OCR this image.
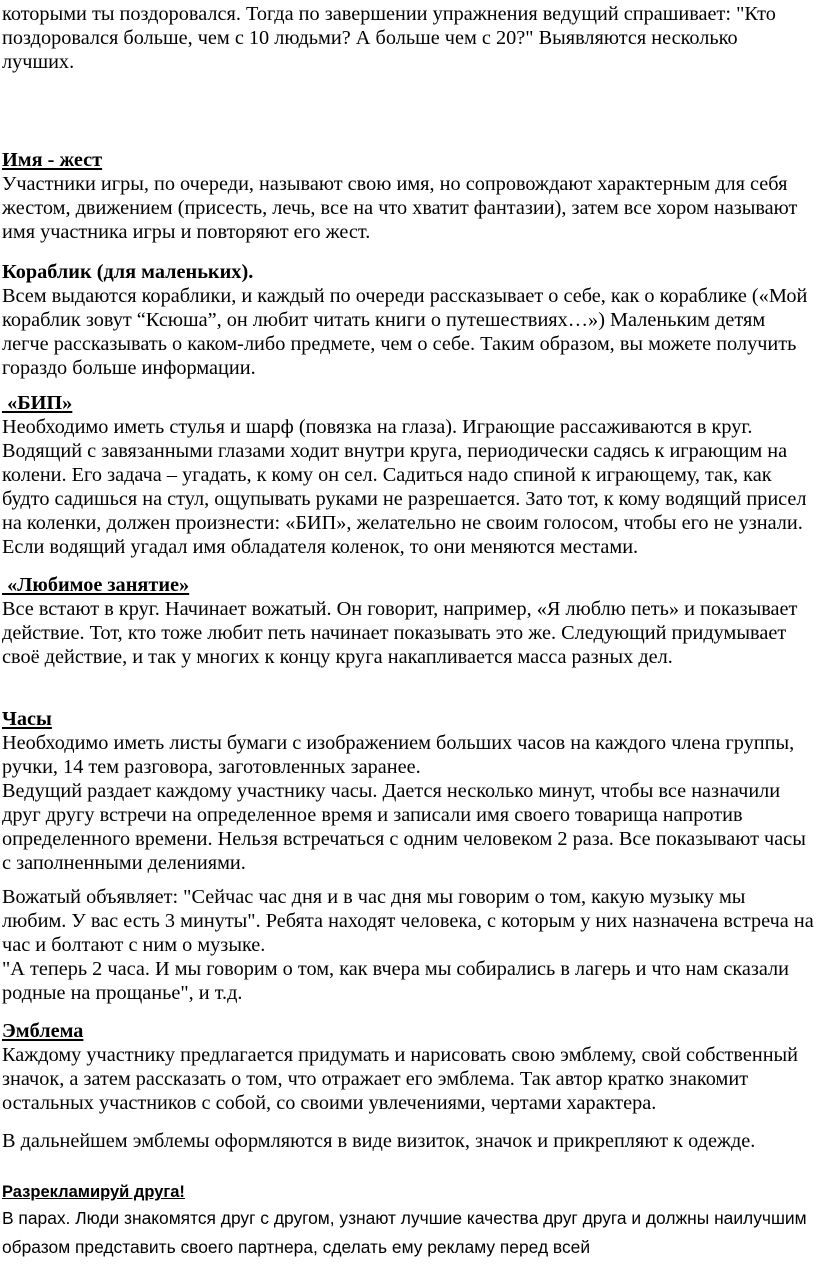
которыми ты поздоровался. Тогда по завершении упражнения ведущий спрашивает: "Кто поздоровался больше, чем с 10 людьми? А больше чем с 20?" Выявляются несколько лучших.

Имя - жест

Участники игры, по очереди, называют свою имя, но сопровождают характерным для себя жестом, движением (присесть, лечь, все на что хватит фантазии), затем все хором называют имя участника игры и повторяют его жест.

Кораблик (для маленьких).

Всем выдаются кораблики, и каждый по очереди рассказывает о себе, как о кораблике («Мой кораблик зовут “Ксюша”, он любит читать книги о путешествиях…») Маленьким детям легче рассказывать о каком-либо предмете, чем о себе. Таким образом, вы можете получить гораздо больше информации.

«БИП»

Необходимо иметь стулья и шарф (повязка на глаза). Играющие рассаживаются в круг. Водящий с завязанными глазами ходит внутри круга, периодически садясь к играющим на колени. Его задача – угадать, к кому он сел. Садиться надо спиной к играющему, так, как будто садишься на стул, ощупывать руками не разрешается. Зато тот, к кому водящий присел на коленки, должен произнести: «БИП», желательно не своим голосом, чтобы его не узнали. Если водящий угадал имя обладателя коленок, то они меняются местами.

«Любимое занятие»

Все встают в круг. Начинает вожатый. Он говорит, например, «Я люблю петь» и показывает действие. Тот, кто тоже любит петь начинает показывать это же. Следующий придумывает своё действие, и так у многих к концу круга накапливается масса разных дел.

Часы

Необходимо иметь листы бумаги с изображением больших часов на каждого члена группы, ручки, 14 тем разговора, заготовленных заранее.

Ведущий раздает каждому участнику часы. Дается несколько минут, чтобы все назначили друг другу встречи на определенное время и записали имя своего товарища напротив определенного времени. Нельзя встречаться с одним человеком 2 раза. Все показывают часы с заполненными делениями.

Вожатый объявляет: "Сейчас час дня и в час дня мы говорим о том, какую музыку мы любим. У вас есть 3 минуты". Ребята находят человека, с которым у них назначена встреча на час и болтают с ним о музыке.

"А теперь 2 часа. И мы говорим о том, как вчера мы собирались в лагерь и что нам сказали родные на прощанье", и т.д.

Эмблема

Каждому участнику предлагается придумать и нарисовать свою эмблему, свой собственный значок, а затем рассказать о том, что отражает его эмблема. Так автор кратко знакомит остальных участников с собой, со своими увлечениями, чертами характера.

В дальнейшем эмблемы оформляются в виде визиток, значок и прикрепляют к одежде.

Разрекламируй друга!

В парах. Люди знакомятся друг с другом, узнают лучшие качества друг друга и должны наилучшим образом представить своего партнера, сделать ему рекламу перед всей
